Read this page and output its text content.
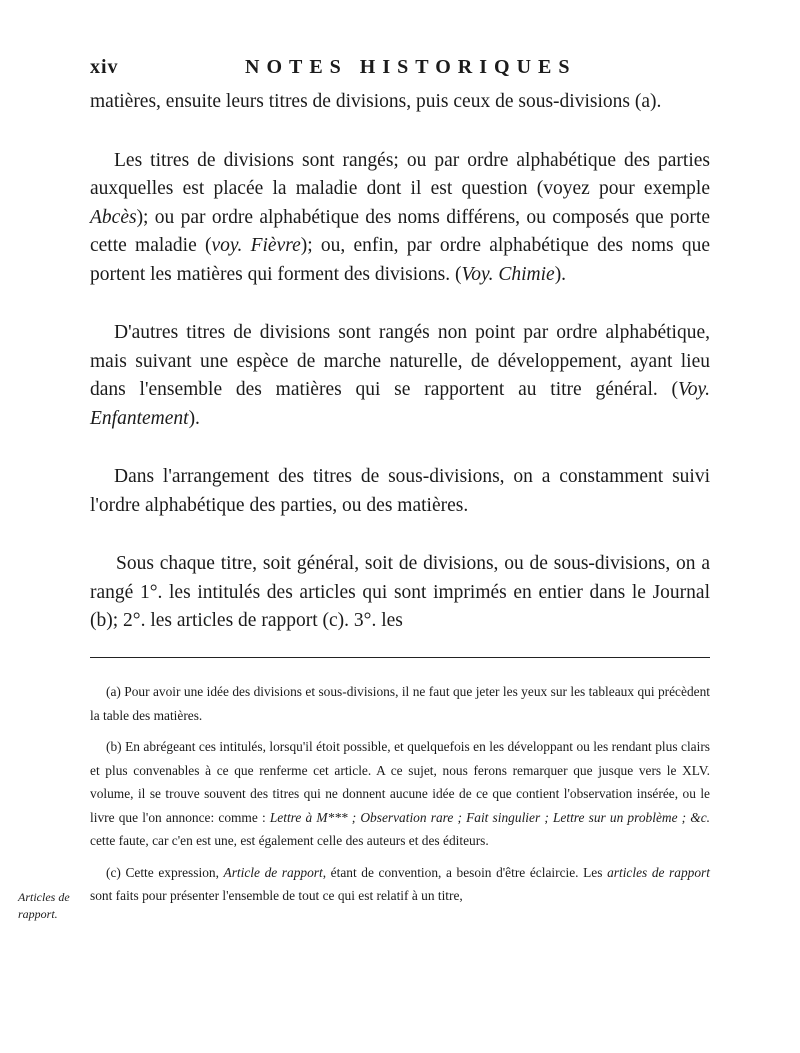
xiv	NOTES HISTORIQUES

matières, ensuite leurs titres de divisions, puis ceux de sous-divisions (a).

Les titres de divisions sont rangés; ou par ordre alphabétique des parties auxquelles est placée la maladie dont il est question (voyez pour exemple Abcès); ou par ordre alphabétique des noms différens, ou composés que porte cette maladie (voy. Fièvre); ou, enfin, par ordre alphabétique des noms que portent les matières qui forment des divisions. (Voy. Chimie).

D'autres titres de divisions sont rangés non point par ordre alphabétique, mais suivant une espèce de marche naturelle, de développement, ayant lieu dans l'ensemble des matières qui se rapportent au titre général. (Voy. Enfantement).

Dans l'arrangement des titres de sous-divisions, on a constamment suivi l'ordre alphabétique des parties, ou des matières.

Sous chaque titre, soit général, soit de divisions, ou de sous-divisions, on a rangé 1°. les intitulés des articles qui sont imprimés en entier dans le Journal (b); 2°. les articles de rapport (c). 3°. les

(a) Pour avoir une idée des divisions et sous-divisions, il ne faut que jeter les yeux sur les tableaux qui précèdent la table des matières.

(b) En abrégeant ces intitulés, lorsqu'il étoit possible, et quelquefois en les développant ou les rendant plus clairs et plus convenables à ce que renferme cet article. A ce sujet, nous ferons remarquer que jusque vers le XLV. volume, il se trouve souvent des titres qui ne donnent aucune idée de ce que contient l'observation insérée, ou le livre que l'on annonce: comme : Lettre à M*** ; Observation rare ; Fait singulier ; Lettre sur un problème ; &c. cette faute, car c'en est une, est également celle des auteurs et des éditeurs.

(c) Cette expression, Article de rapport, étant de convention, a besoin d'être éclaircie. Les articles de rapport sont faits pour présenter l'ensemble de tout ce qui est relatif à un titre,

Articles de rapport.
